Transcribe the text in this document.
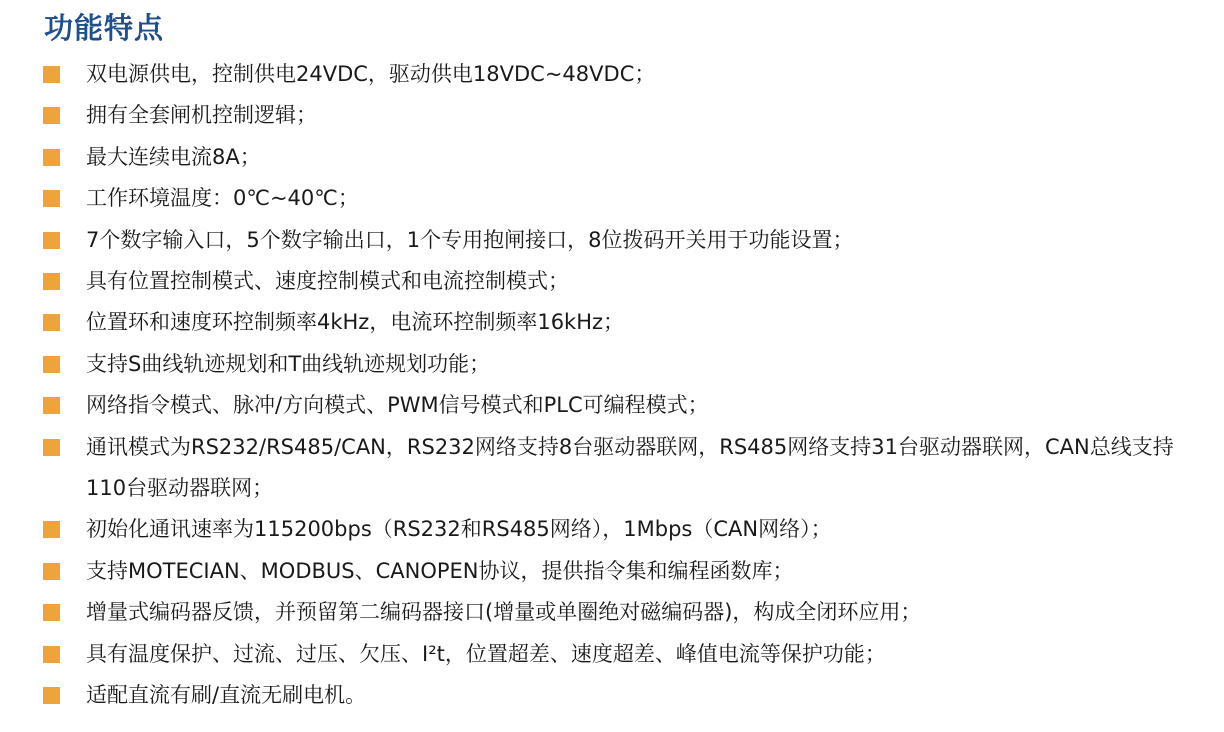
功能特点
双电源供电，控制供电24VDC，驱动供电18VDC~48VDC；
拥有全套闸机控制逻辑；
最大连续电流8A；
工作环境温度：0℃~40℃；
7个数字输入口，5个数字输出口，1个专用抱闸接口，8位拨码开关用于功能设置；
具有位置控制模式、速度控制模式和电流控制模式；
位置环和速度环控制频率4kHz，电流环控制频率16kHz；
支持S曲线轨迹规划和T曲线轨迹规划功能；
网络指令模式、脉冲/方向模式、PWM信号模式和PLC可编程模式；
通讯模式为RS232/RS485/CAN，RS232网络支持8台驱动器联网，RS485网络支持31台驱动器联网，CAN总线支持110台驱动器联网；
初始化通讯速率为115200bps（RS232和RS485网络），1Mbps（CAN网络）；
支持MOTECIAN、MODBUS、CANOPEN协议，提供指令集和编程函数库；
增量式编码器反馈，并预留第二编码器接口(增量或单圈绝对磁编码器)，构成全闭环应用；
具有温度保护、过流、过压、欠压、I²t，位置超差、速度超差、峰值电流等保护功能；
适配直流有刷/直流无刷电机。
